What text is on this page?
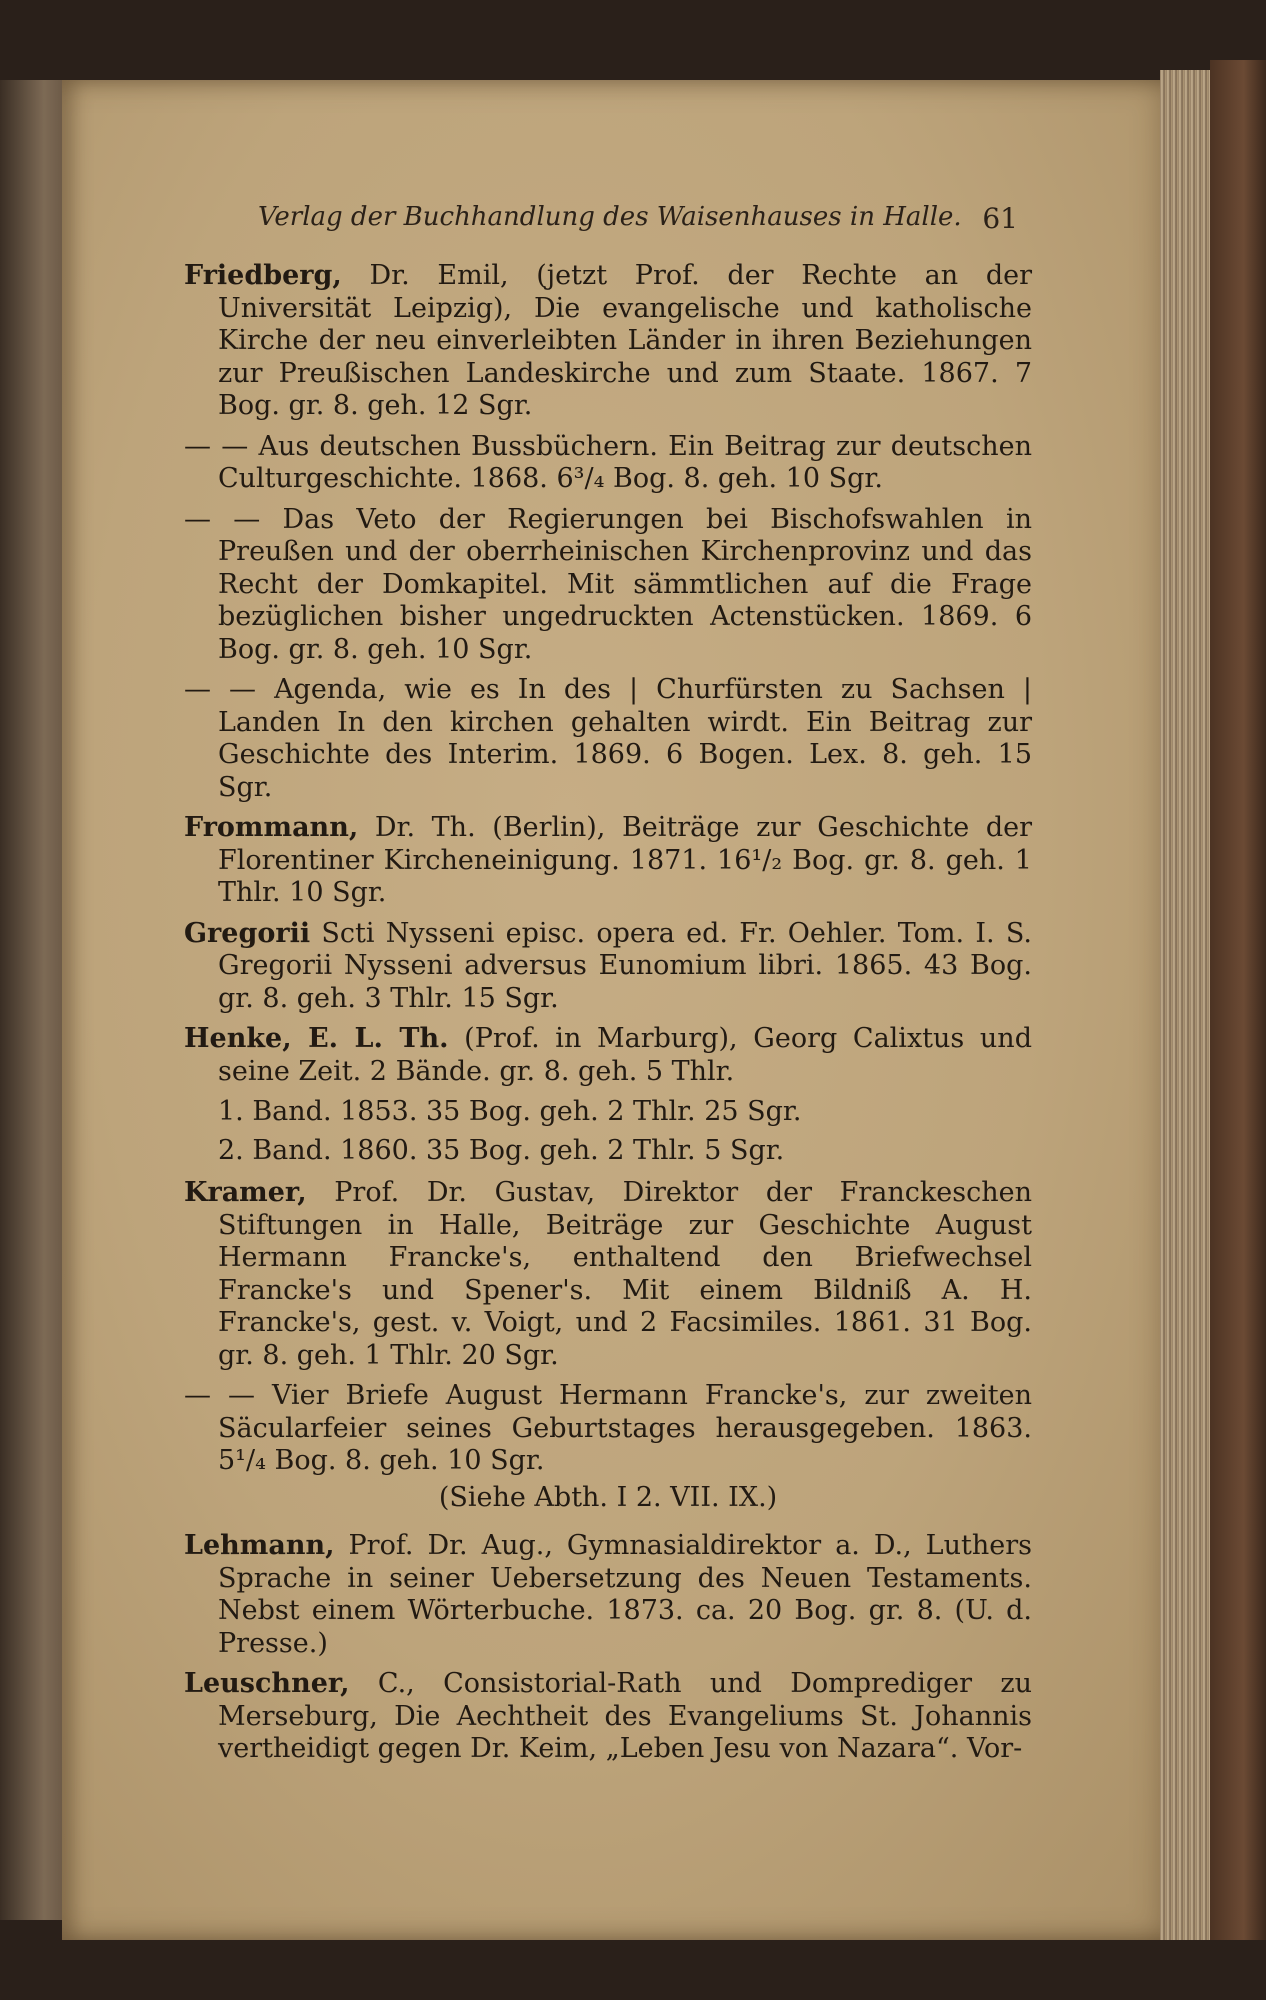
Verlag der Buchhandlung des Waisenhauses in Halle. 61

Friedberg, Dr. Emil, (jetzt Prof. der Rechte an der Universität Leipzig), Die evangelische und katholische Kirche der neu einverleibten Länder in ihren Beziehungen zur Preußischen Landeskirche und zum Staate. 1867. 7 Bog. gr. 8. geh. 12 Sgr.

— — Aus deutschen Bussbüchern. Ein Beitrag zur deutschen Culturgeschichte. 1868. 6³/₄ Bog. 8. geh. 10 Sgr.

— — Das Veto der Regierungen bei Bischofswahlen in Preußen und der oberrheinischen Kirchenprovinz und das Recht der Domkapitel. Mit sämmtlichen auf die Frage bezüglichen bisher ungedruckten Actenstücken. 1869. 6 Bog. gr. 8. geh. 10 Sgr.

— — Agenda, wie es In des | Churfürsten zu Sachsen | Landen In den kirchen gehalten wirdt. Ein Beitrag zur Geschichte des Interim. 1869. 6 Bogen. Lex. 8. geh. 15 Sgr.

Frommann, Dr. Th. (Berlin), Beiträge zur Geschichte der Florentiner Kircheneinigung. 1871. 16¹/₂ Bog. gr. 8. geh. 1 Thlr. 10 Sgr.

Gregorii Scti Nysseni episc. opera ed. Fr. Oehler. Tom. I. S. Gregorii Nysseni adversus Eunomium libri. 1865. 43 Bog. gr. 8. geh. 3 Thlr. 15 Sgr.

Henke, E. L. Th. (Prof. in Marburg), Georg Calixtus und seine Zeit. 2 Bände. gr. 8. geh. 5 Thlr.

1. Band. 1853. 35 Bog. geh. 2 Thlr. 25 Sgr.

2. Band. 1860. 35 Bog. geh. 2 Thlr. 5 Sgr.

Kramer, Prof. Dr. Gustav, Direktor der Franckeschen Stiftungen in Halle, Beiträge zur Geschichte August Hermann Francke's, enthaltend den Briefwechsel Francke's und Spener's. Mit einem Bildniß A. H. Francke's, gest. v. Voigt, und 2 Facsimiles. 1861. 31 Bog. gr. 8. geh. 1 Thlr. 20 Sgr.

— — Vier Briefe August Hermann Francke's, zur zweiten Säcularfeier seines Geburtstages herausgegeben. 1863. 5¹/₄ Bog. 8. geh. 10 Sgr.

(Siehe Abth. I 2. VII. IX.)

Lehmann, Prof. Dr. Aug., Gymnasialdirektor a. D., Luthers Sprache in seiner Uebersetzung des Neuen Testaments. Nebst einem Wörterbuche. 1873. ca. 20 Bog. gr. 8. (U. d. Presse.)

Leuschner, C., Consistorial-Rath und Domprediger zu Merseburg, Die Aechtheit des Evangeliums St. Johannis vertheidigt gegen Dr. Keim, „Leben Jesu von Nazara“. Vor-
